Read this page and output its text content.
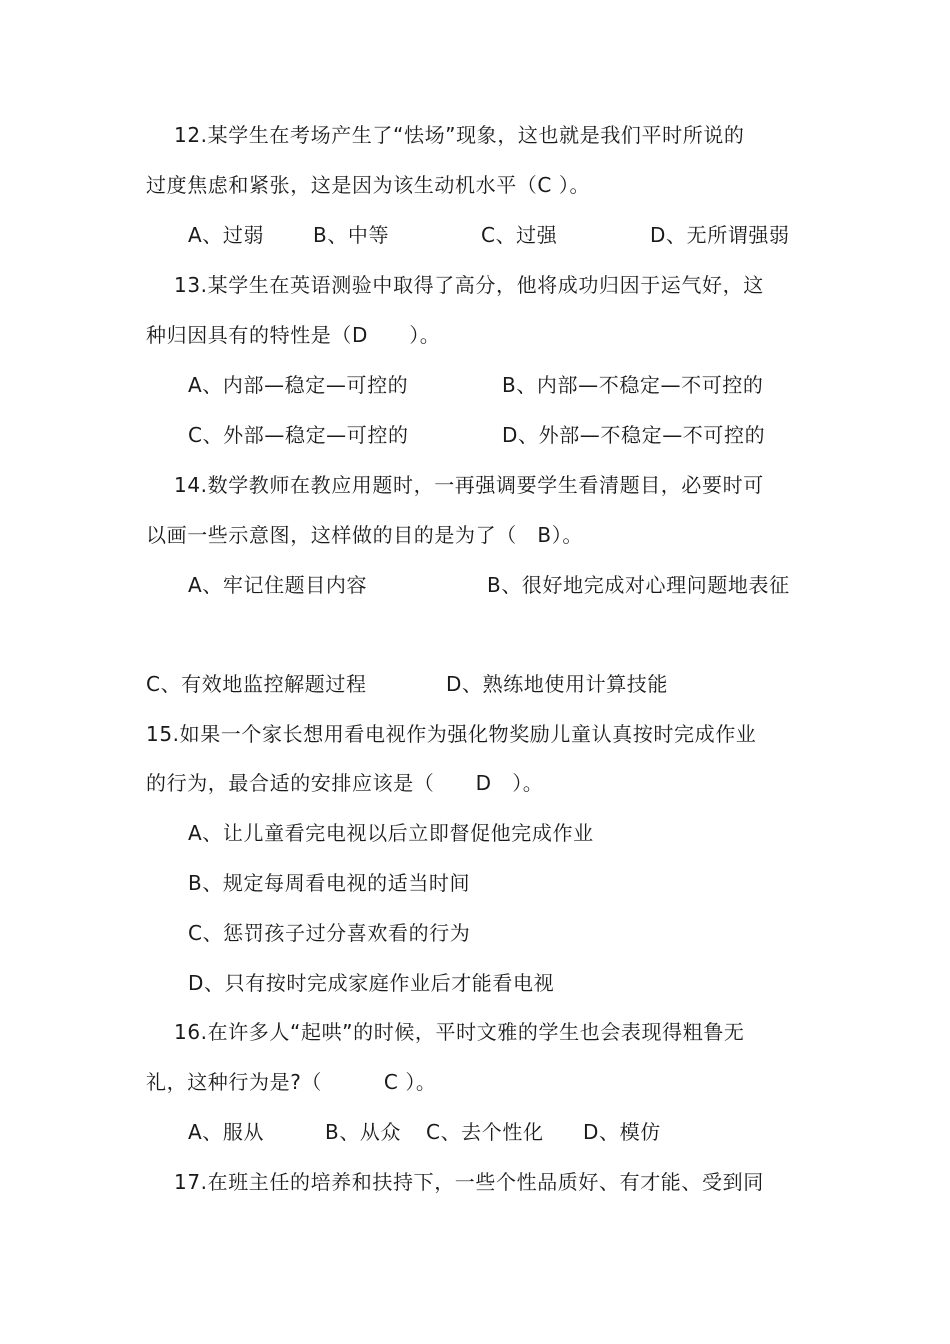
12.某学生在考场产生了“怯场”现象，这也就是我们平时所说的
过度焦虑和紧张，这是因为该生动机水平（C ）。
A、过弱 B、中等	C、过强	D、无所谓强弱
13.某学生在英语测验中取得了高分，他将成功归因于运气好，这
种归因具有的特性是（D　　）。
A、内部—稳定—可控的	B、内部—不稳定—不可控的
C、外部—稳定—可控的	D、外部—不稳定—不可控的
14.数学教师在教应用题时，一再强调要学生看清题目，必要时可
以画一些示意图，这样做的目的是为了（　B）。
A、牢记住题目内容	B、很好地完成对心理问题地表征
C、有效地监控解题过程	D、熟练地使用计算技能
15.如果一个家长想用看电视作为强化物奖励儿童认真按时完成作业
的行为，最合适的安排应该是（　　D　）。
A、让儿童看完电视以后立即督促他完成作业
B、规定每周看电视的适当时间
C、惩罚孩子过分喜欢看的行为
D、只有按时完成家庭作业后才能看电视
16.在许多人“起哄”的时候，平时文雅的学生也会表现得粗鲁无
礼，这种行为是?（　　　C ）。
A、服从	B、从众 C、去个性化 D、模仿
17.在班主任的培养和扶持下，一些个性品质好、有才能、受到同
